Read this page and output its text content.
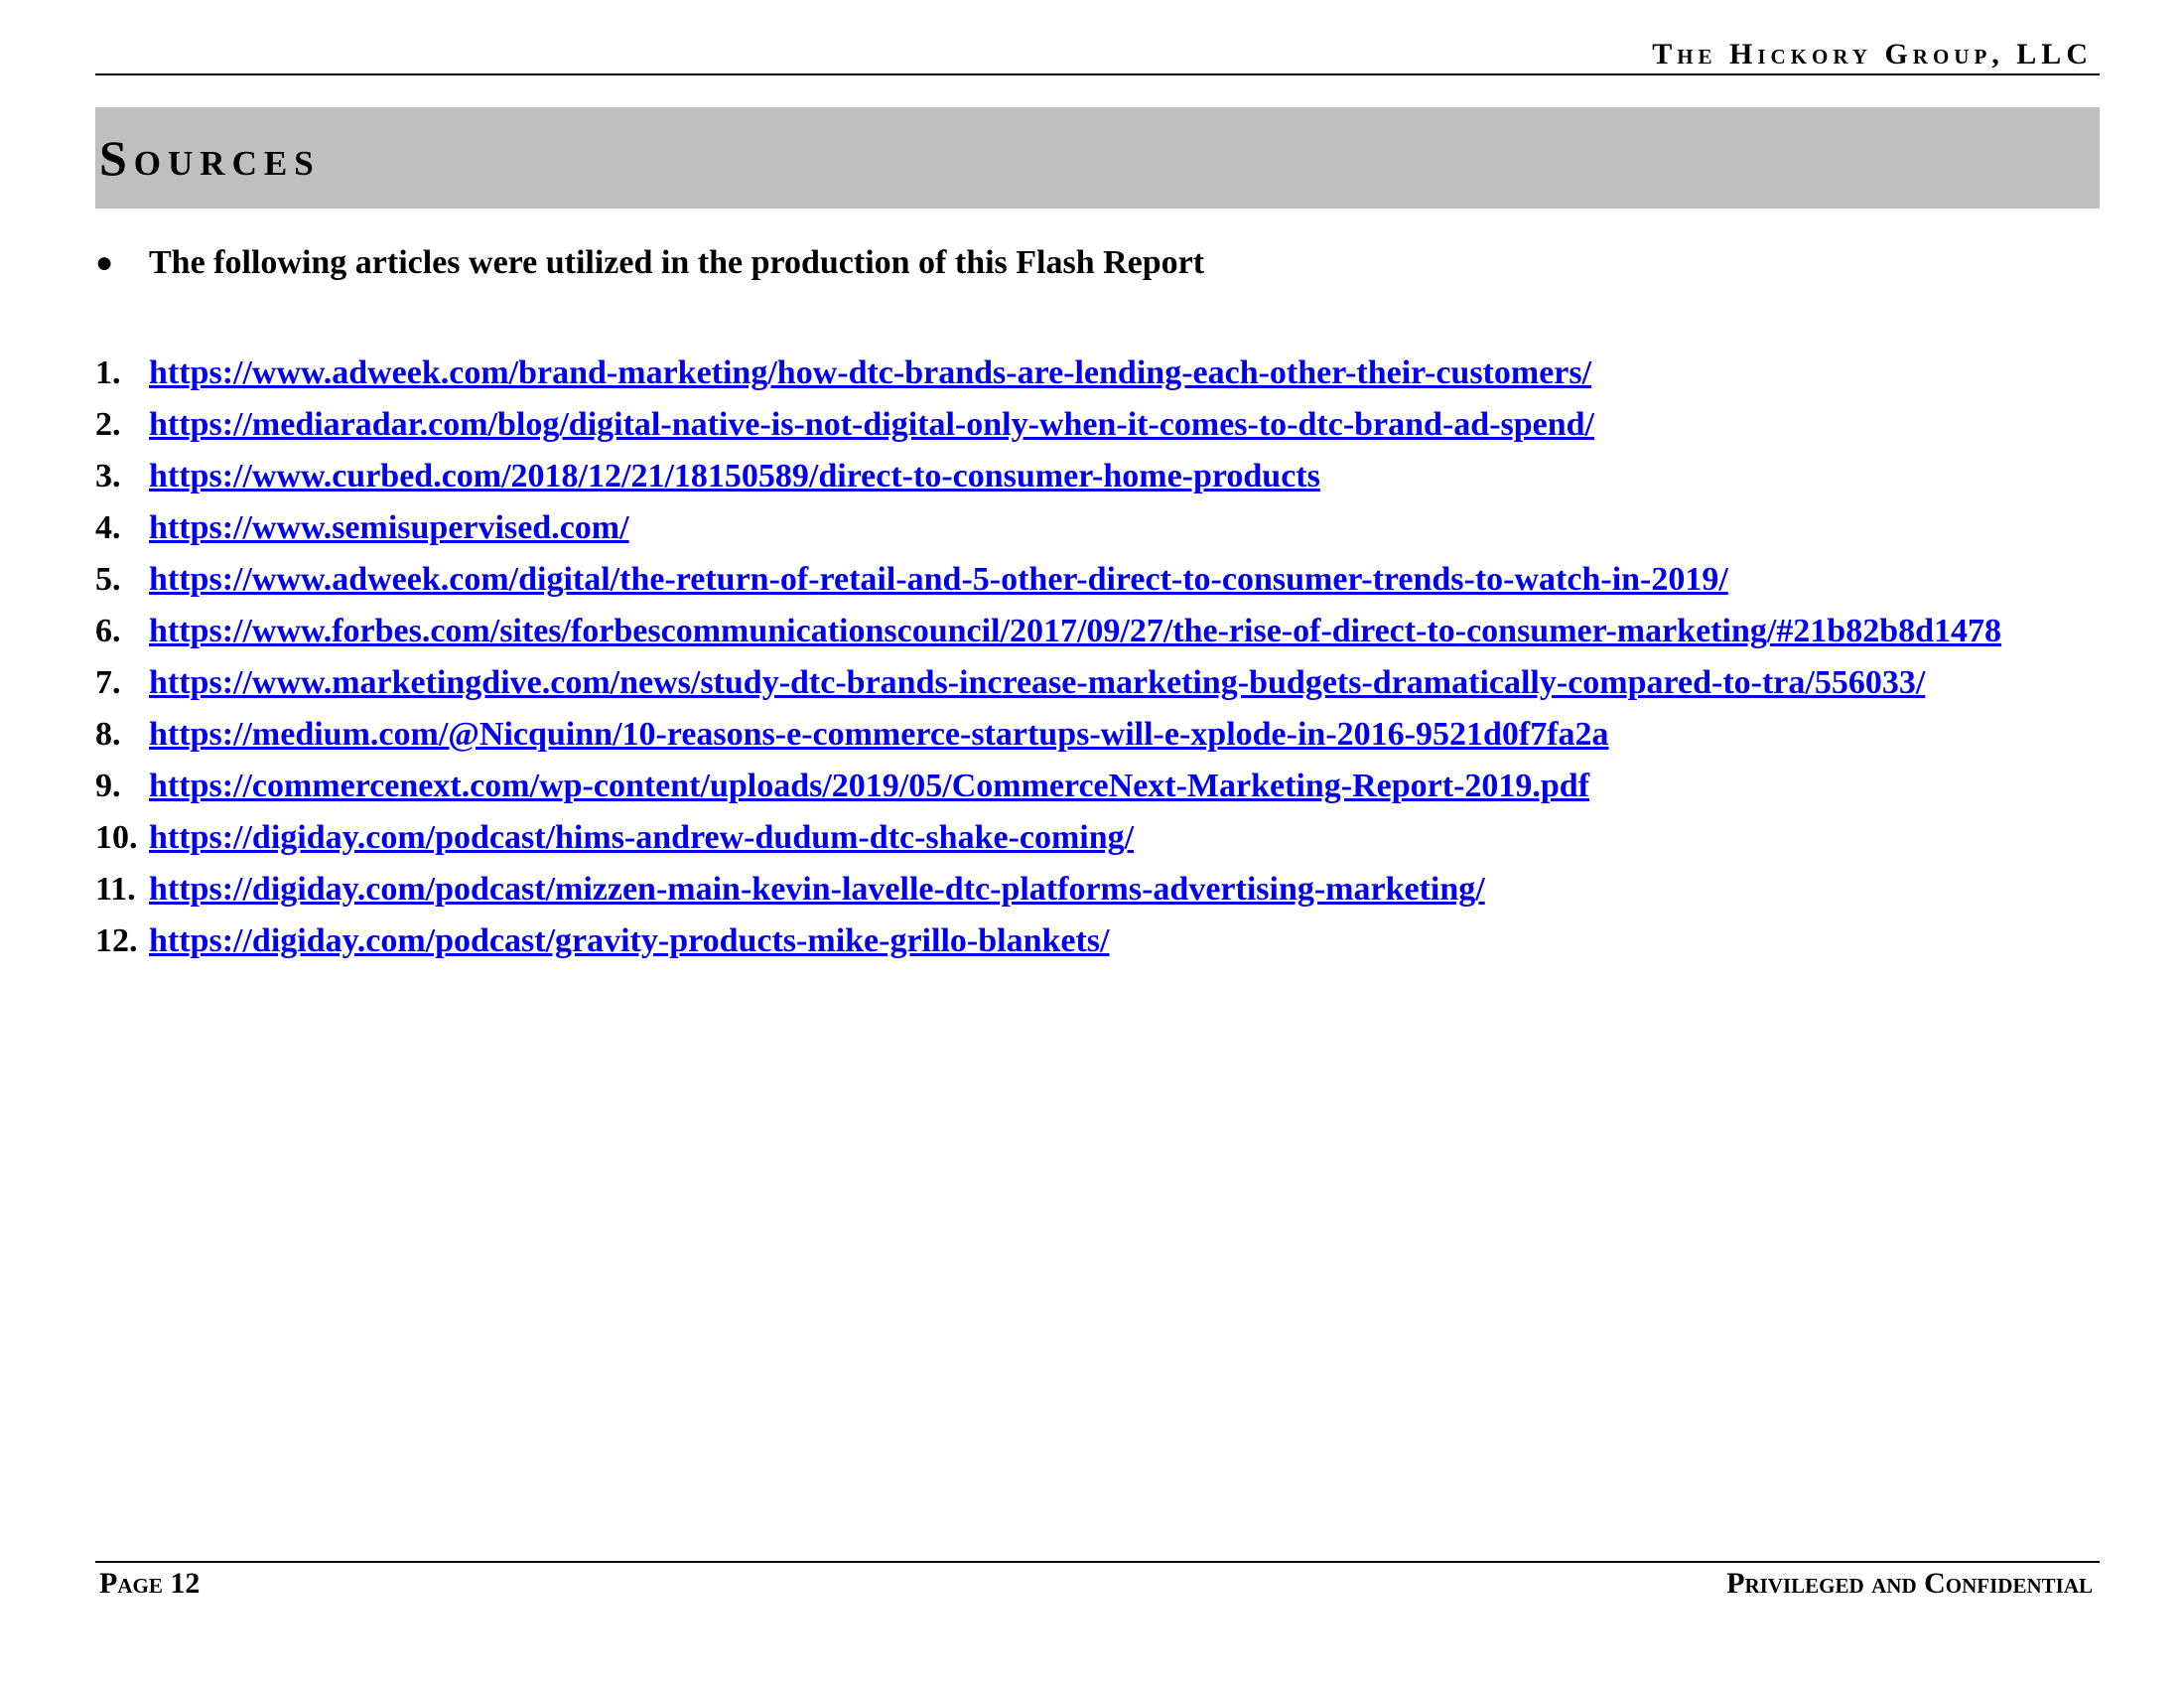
The Hickory Group, LLC
Sources
●	The following articles were utilized in the production of this Flash Report
1. https://www.adweek.com/brand-marketing/how-dtc-brands-are-lending-each-other-their-customers/
2. https://mediaradar.com/blog/digital-native-is-not-digital-only-when-it-comes-to-dtc-brand-ad-spend/
3. https://www.curbed.com/2018/12/21/18150589/direct-to-consumer-home-products
4. https://www.semisupervised.com/
5. https://www.adweek.com/digital/the-return-of-retail-and-5-other-direct-to-consumer-trends-to-watch-in-2019/
6. https://www.forbes.com/sites/forbescommunicationscouncil/2017/09/27/the-rise-of-direct-to-consumer-marketing/#21b82b8d1478
7. https://www.marketingdive.com/news/study-dtc-brands-increase-marketing-budgets-dramatically-compared-to-tra/556033/
8. https://medium.com/@Nicquinn/10-reasons-e-commerce-startups-will-e-xplode-in-2016-9521d0f7fa2a
9. https://commercenext.com/wp-content/uploads/2019/05/CommerceNext-Marketing-Report-2019.pdf
10. https://digiday.com/podcast/hims-andrew-dudum-dtc-shake-coming/
11. https://digiday.com/podcast/mizzen-main-kevin-lavelle-dtc-platforms-advertising-marketing/
12. https://digiday.com/podcast/gravity-products-mike-grillo-blankets/
Page 12	Privileged and Confidential
